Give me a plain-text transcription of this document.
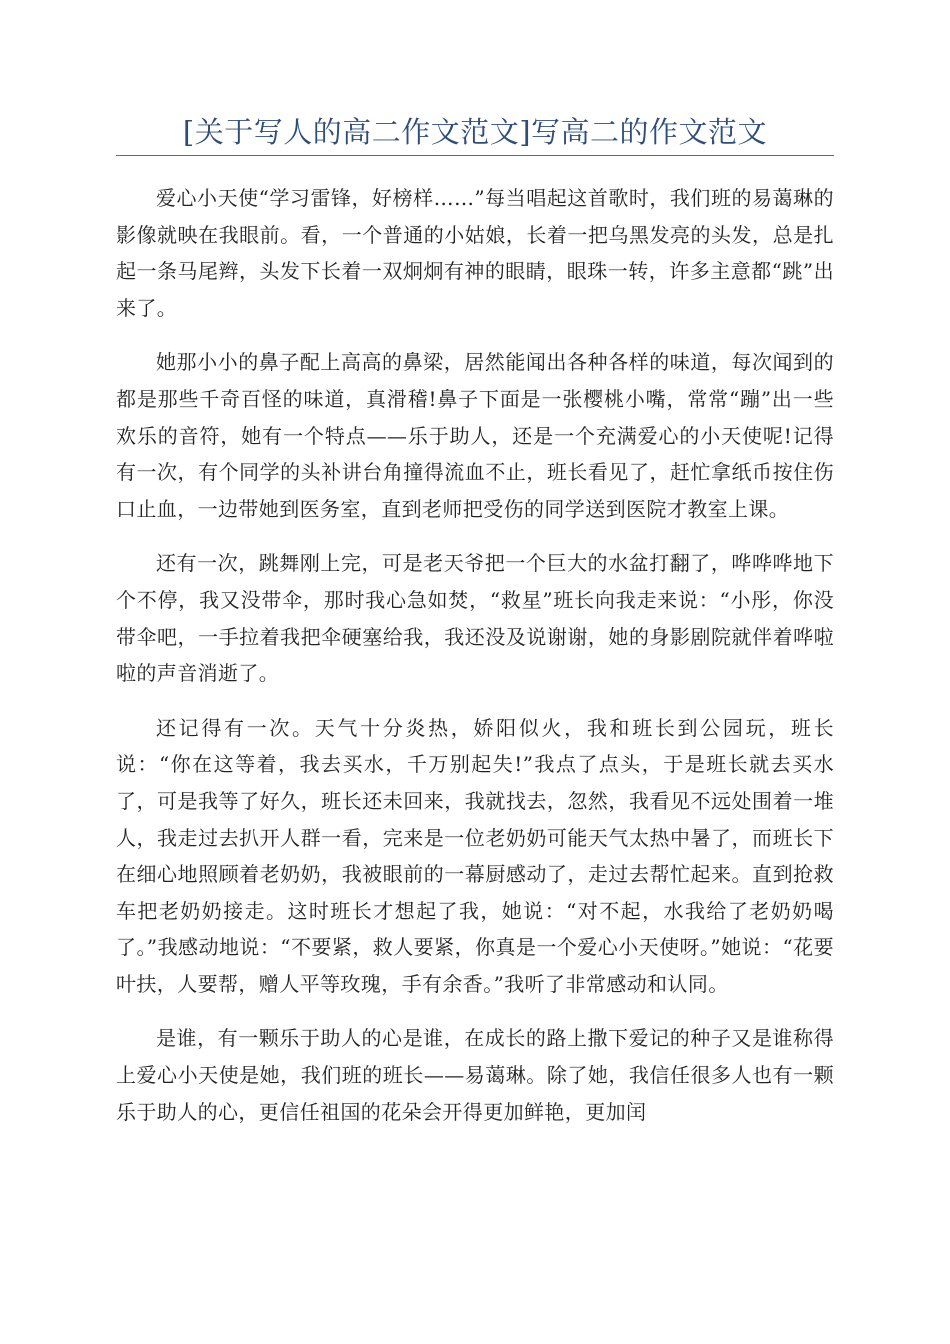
[关于写人的高二作文范文]写高二的作文范文

爱心小天使“学习雷锋，好榜样……”每当唱起这首歌时，我们班的易蔼琳的影像就映在我眼前。看，一个普通的小姑娘，长着一把乌黑发亮的头发，总是扎起一条马尾辫，头发下长着一双炯炯有神的眼睛，眼珠一转，许多主意都“跳”出来了。

她那小小的鼻子配上高高的鼻梁，居然能闻出各种各样的味道，每次闻到的都是那些千奇百怪的味道，真滑稽!鼻子下面是一张樱桃小嘴，常常“蹦”出一些欢乐的音符，她有一个特点——乐于助人，还是一个充满爱心的小天使呢!记得有一次，有个同学的头补讲台角撞得流血不止，班长看见了，赶忙拿纸币按住伤口止血，一边带她到医务室，直到老师把受伤的同学送到医院才教室上课。

还有一次，跳舞刚上完，可是老天爷把一个巨大的水盆打翻了，哗哗哗地下个不停，我又没带伞，那时我心急如焚，“救星”班长向我走来说：“小彤，你没带伞吧，一手拉着我把伞硬塞给我，我还没及说谢谢，她的身影剧院就伴着哗啦啦的声音消逝了。

还记得有一次。天气十分炎热，娇阳似火，我和班长到公园玩，班长说：“你在这等着，我去买水，千万别起失!”我点了点头，于是班长就去买水了，可是我等了好久，班长还未回来，我就找去，忽然，我看见不远处围着一堆人，我走过去扒开人群一看，完来是一位老奶奶可能天气太热中暑了，而班长下在细心地照顾着老奶奶，我被眼前的一幕厨感动了，走过去帮忙起来。直到抢救车把老奶奶接走。这时班长才想起了我，她说：“对不起，水我给了老奶奶喝了。”我感动地说：“不要紧，救人要紧，你真是一个爱心小天使呀。”她说：“花要叶扶，人要帮，赠人平等玫瑰，手有余香。”我听了非常感动和认同。

是谁，有一颗乐于助人的心是谁，在成长的路上撒下爱记的种子又是谁称得上爱心小天使是她，我们班的班长——易蔼琳。除了她，我信任很多人也有一颗乐于助人的心，更信任祖国的花朵会开得更加鲜艳，更加闰
